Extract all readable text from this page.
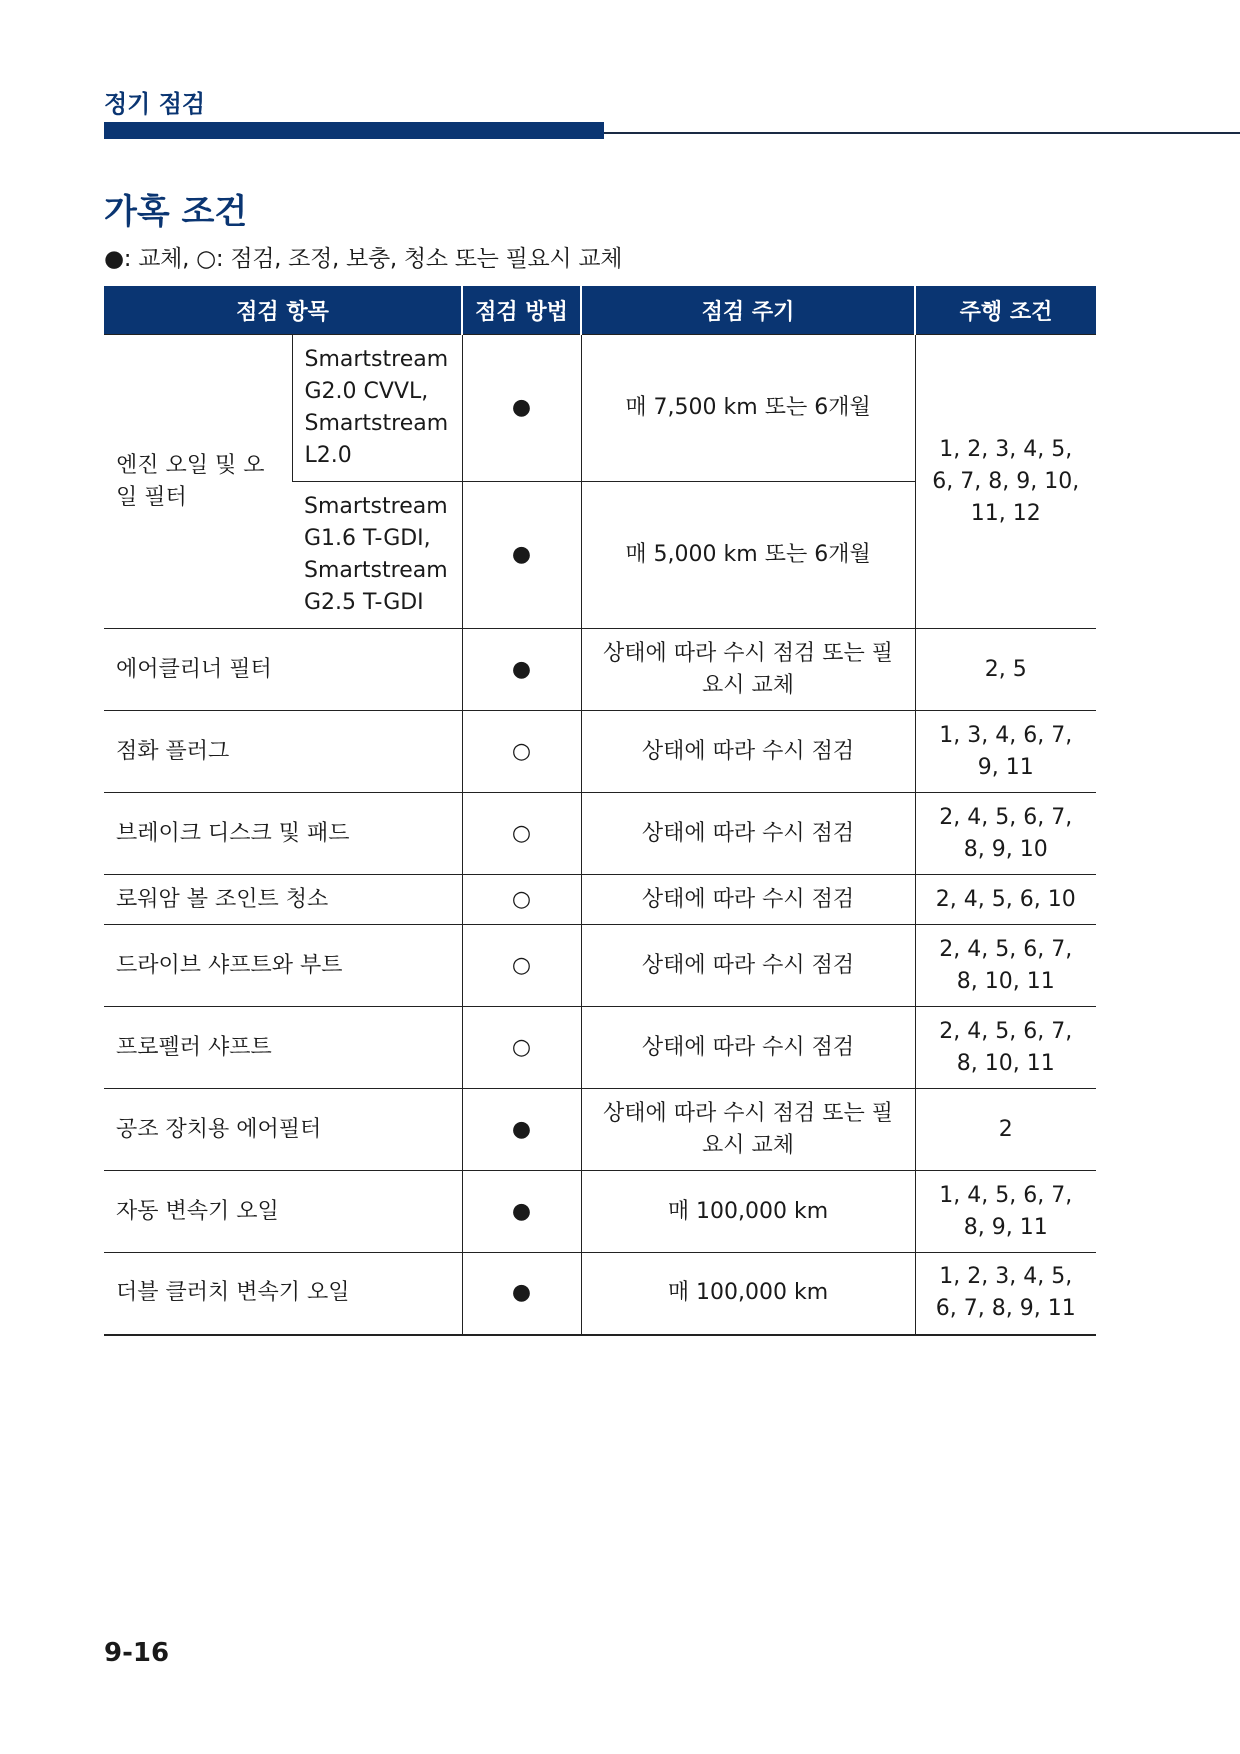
정기 점검
가혹 조건
●: 교체, ○: 점검, 조정, 보충, 청소 또는 필요시 교체
점검 항목		점검 방법	점검 주기	주행 조건
엔진 오일 및 오일 필터	Smartstream G2.0 CVVL, Smartstream L2.0	●	매 7,500 km 또는 6개월	1, 2, 3, 4, 5, 6, 7, 8, 9, 10, 11, 12
	Smartstream G1.6 T-GDI, Smartstream G2.5 T-GDI	●	매 5,000 km 또는 6개월	
에어클리너 필터		●	상태에 따라 수시 점검 또는 필요시 교체	2, 5
점화 플러그		○	상태에 따라 수시 점검	1, 3, 4, 6, 7, 9, 11
브레이크 디스크 및 패드		○	상태에 따라 수시 점검	2, 4, 5, 6, 7, 8, 9, 10
로워암 볼 조인트 청소		○	상태에 따라 수시 점검	2, 4, 5, 6, 10
드라이브 샤프트와 부트		○	상태에 따라 수시 점검	2, 4, 5, 6, 7, 8, 10, 11
프로펠러 샤프트		○	상태에 따라 수시 점검	2, 4, 5, 6, 7, 8, 10, 11
공조 장치용 에어필터		●	상태에 따라 수시 점검 또는 필요시 교체	2
자동 변속기 오일		●	매 100,000 km	1, 4, 5, 6, 7, 8, 9, 11
더블 클러치 변속기 오일		●	매 100,000 km	1, 2, 3, 4, 5, 6, 7, 8, 9, 11
9-16
